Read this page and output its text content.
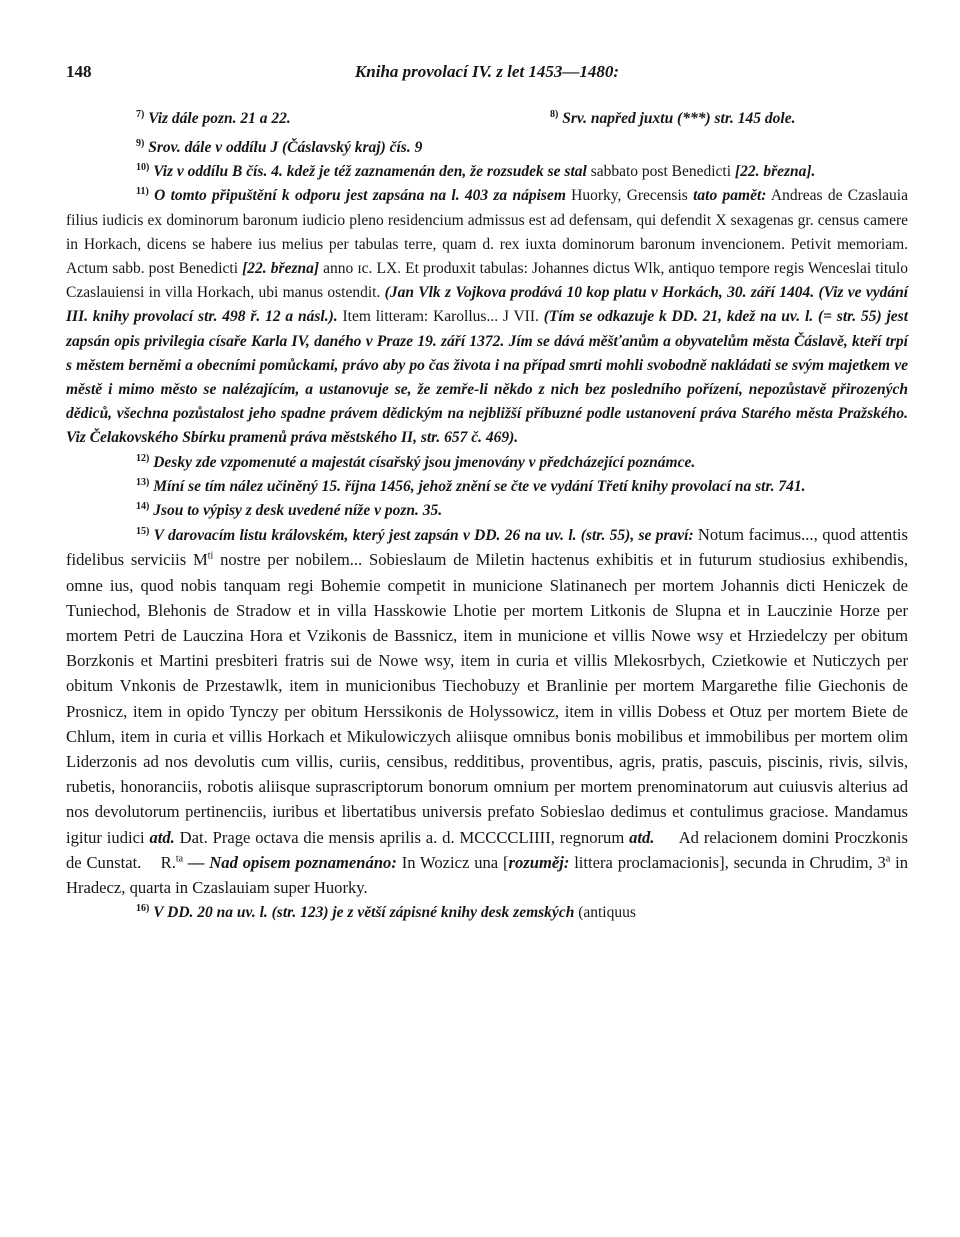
148	Kniha provolací IV. z let 1453—1480:
$^{7)}$ Viz dále pozn. 21 a 22.	$^{8)}$ Srv. napřed juxtu (***) str. 145 dole.

$^{9)}$ Srov. dále v oddílu J (Čáslavský kraj) čís. 9

$^{10)}$ Viz v oddílu B čís. 4. kdež je též zaznamenán den, že rozsudek se stal sabbato post Benedicti [22. března].

$^{11)}$ O tomto připuštění k odporu jest zapsána na l. 403 za nápisem Huorky, Grecensis tato pamět: Andreas de Czaslauia filius iudicis ex dominorum baronum iudicio pleno residencium admissus est ad defensam, qui defendit X sexagenas gr. census camere in Horkach, dicens se habere ius melius per tabulas terre, quam d. rex iuxta dominorum baronum invencionem. Petivit memoriam. Actum sabb. post Benedicti [22. března] anno ɪc. LX. Et produxit tabulas: Johannes dictus Wlk, antiquo tempore regis Wenceslai titulo Czaslauiensi in villa Horkach, ubi manus ostendit. (Jan Vlk z Vojkova prodává 10 kop platu v Horkách, 30. září 1404. (Viz ve vydání III. knihy provolací str. 498 ř. 12 a násl.). Item litteram: Karollus... J VII. (Tím se odkazuje k DD. 21, kdež na uv. l. (= str. 55) jest zapsán opis privilegia císaře Karla IV, daného v Praze 19. září 1372. Jím se dává měšťanům a obyvatelům města Čáslavě, kteří trpí s městem berněmi a obecními pomůckami, právo aby po čas života i na případ smrti mohli svobodně nakládati se svým majetkem ve městě i mimo město se nalézajícím, a ustanovuje se, že zemře-li někdo z nich bez posledního pořízení, nepozůstavě přirozených dědiců, všechna pozůstalost jeho spadne právem dědickým na nejbližší příbuzné podle ustanovení práva Starého města Pražského. Viz Čelakovského Sbírku pramenů práva městského II, str. 657 č. 469).

$^{12)}$ Desky zde vzpomenuté a majestát císařský jsou jmenovány v předcházející poznámce.

$^{13)}$ Míní se tím nález učiněný 15. října 1456, jehož znění se čte ve vydání Třetí knihy provolací na str. 741.

$^{14)}$ Jsou to výpisy z desk uvedené níže v pozn. 35.

$^{15)}$ V darovacím listu královském, který jest zapsán v DD. 26 na uv. l. (str. 55), se praví: Notum facimus..., quod attentis fidelibus serviciis $M^{ti}$ nostre per nobilem... Sobieslaum de Miletin hactenus exhibitis et in futurum studiosius exhibendis, omne ius, quod nobis tanquam regi Bohemie competit in municione Slatinanech per mortem Johannis dicti Heniczek de Tuniechod, Blehonis de Stradow et in villa Hasskowie Lhotie per mortem Litkonis de Slupna et in Lauczinie Horze per mortem Petri de Lauczina Hora et Vzikonis de Bassnicz, item in municione et villis Nowe wsy et Hrziedelczy per obitum Borzkonis et Martini presbiteri fratris sui de Nowe wsy, item in curia et villis Mlekosrbych, Czietkowie et Nuticzych per obitum Vnkonis de Przestawlk, item in municionibus Tiechobuzy et Branlinie per mortem Margarethe filie Giechonis de Prosnicz, item in opido Tynczy per obitum Herssikonis de Holyssowicz, item in villis Dobess et Otuz per mortem Biete de Chlum, item in curia et villis Horkach et Mikulowiczych aliisque omnibus bonis mobilibus et immobilibus per mortem olim Liderzonis ad nos devolutis cum villis, curiis, censibus, redditibus, proventibus, agris, pratis, pascuis, piscinis, rivis, silvis, rubetis, honoranciis, robotis aliisque suprascriptorum bonorum omnium per mortem prenominatorum aut cuiusvis alterius ad nos devolutorum pertinenciis, iuribus et libertatibus universis prefato Sobieslao dedimus et contulimus graciose. Mandamus igitur iudici atd. Dat. Prage octava die mensis aprilis a. d. MCCCCLIIII, regnorum atd. Ad relacionem domini Proczkonis de Cunstat. R.$^{ta}$ — Nad opisem poznamenáno: In Wozicz una [rozuměj: littera proclamacionis], secunda in Chrudim, 3$^a$ in Hradecz, quarta in Czaslauiam super Huorky.

$^{16)}$ V DD. 20 na uv. l. (str. 123) je z větší zápisné knihy desk zemských (antiquus
